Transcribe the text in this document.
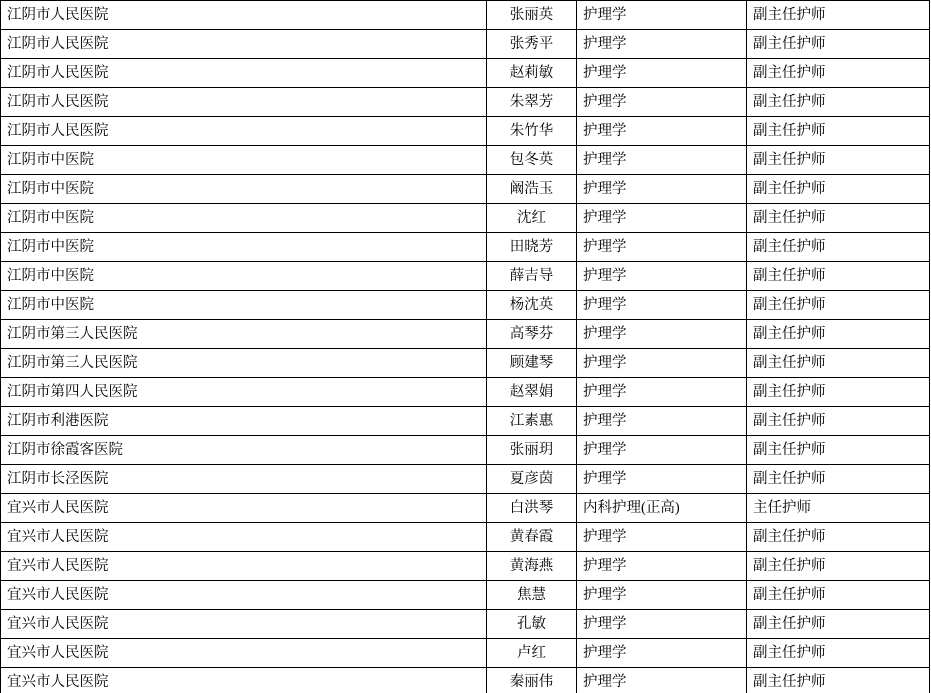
江阴市人民医院	张丽英	护理学	副主任护师
江阴市人民医院	张秀平	护理学	副主任护师
江阴市人民医院	赵莉敏	护理学	副主任护师
江阴市人民医院	朱翠芳	护理学	副主任护师
江阴市人民医院	朱竹华	护理学	副主任护师
江阴市中医院	包冬英	护理学	副主任护师
江阴市中医院	阚浩玉	护理学	副主任护师
江阴市中医院	沈红	护理学	副主任护师
江阴市中医院	田晓芳	护理学	副主任护师
江阴市中医院	薛吉导	护理学	副主任护师
江阴市中医院	杨沈英	护理学	副主任护师
江阴市第三人民医院	高琴芬	护理学	副主任护师
江阴市第三人民医院	顾建琴	护理学	副主任护师
江阴市第四人民医院	赵翠娟	护理学	副主任护师
江阴市利港医院	江素惠	护理学	副主任护师
江阴市徐霞客医院	张丽玥	护理学	副主任护师
江阴市长泾医院	夏彦茵	护理学	副主任护师
宜兴市人民医院	白洪琴	内科护理(正高)	主任护师
宜兴市人民医院	黄春霞	护理学	副主任护师
宜兴市人民医院	黄海燕	护理学	副主任护师
宜兴市人民医院	焦慧	护理学	副主任护师
宜兴市人民医院	孔敏	护理学	副主任护师
宜兴市人民医院	卢红	护理学	副主任护师
宜兴市人民医院	秦丽伟	护理学	副主任护师
